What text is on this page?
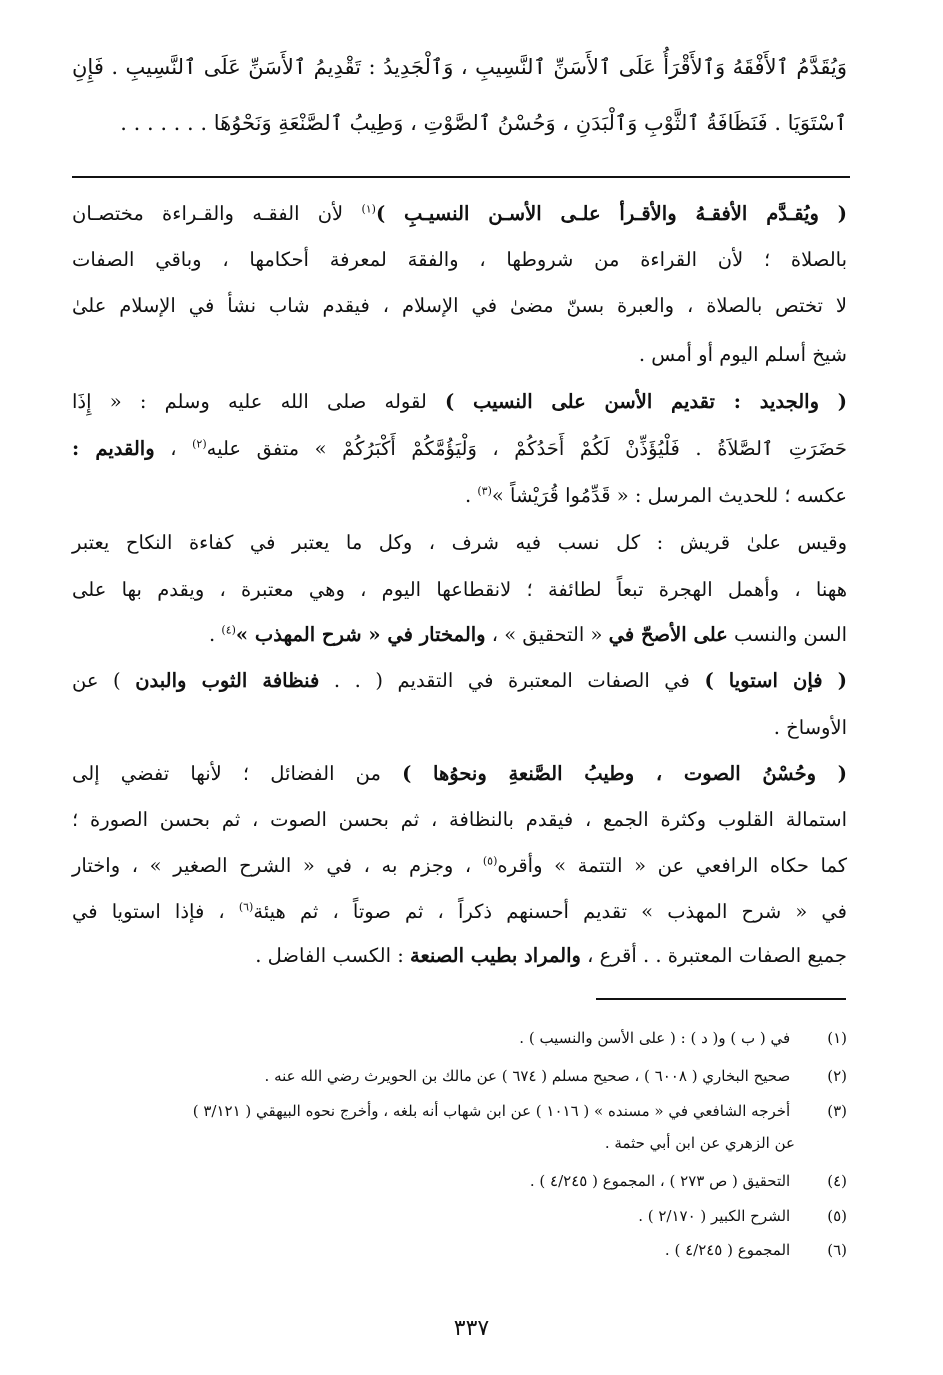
وَيُقَدَّمُ ٱلأَفْقَهُ وَٱلأَقْرَأُ عَلَى ٱلأَسَنِّ ٱلنَّسِيبِ ، وَٱلْجَدِيدُ : تَقْدِيمُ ٱلأَسَنِّ عَلَى ٱلنَّسِيبِ . فَإِنِ
ٱسْتَوَيَا . فَنَظَافَةُ ٱلثَّوْبِ وَٱلْبَدَنِ ، وَحُسْنُ ٱلصَّوْتِ ، وَطِيبُ ٱلصَّنْعَةِ وَنَحْوُهَا . . . . . . .
( ويُقـدَّم الأفقـهُ والأقـرأ علـى الأسـن النسيـبِ )$^{(١)}$ لأن الفقـه والقـراءة مختصـان
بالصلاة ؛ لأن القراءة من شروطها ، والفقهَ لمعرفة أحكامها ، وباقي الصفات
لا تختص بالصلاة ، والعبرة بسنّ مضىٰ في الإسلام ، فيقدم شاب نشأ في الإسلام علىٰ
شيخ أسلم اليوم أو أمس .
( والجديد : تقديم الأسن على النسيب ) لقوله صلى الله عليه وسلم : « إِذَا
حَضَرَتِ ٱلصَّلاَةُ . فَلْيُؤَذِّنْ لَكُمْ أَحَدُكُمْ ، وَلْيَؤُمَّكُمْ أَكْبَرُكُمْ » متفق عليه$^{(٢)}$ ، والقديم :
عكسه ؛ للحديث المرسل : « قَدِّمُوا قُرَيْشاً »$^{(٣)}$ .
وقيس علىٰ قريش : كل نسب فيه شرف ، وكل ما يعتبر في كفاءة النكاح يعتبر
ههنا ، وأهمل الهجرة تبعاً لطائفة ؛ لانقطاعها اليوم ، وهي معتبرة ، ويقدم بها على
السن والنسب على الأصحّ في « التحقيق » ، والمختار في « شرح المهذب »$^{(٤)}$ .
( فإن استويا ) في الصفات المعتبرة في التقديم ( . . فنظافة الثوب والبدن ) عن
الأوساخ .
( وحُسْنُ الصوت ، وطيبُ الصَّنعةِ ونحوُها ) من الفضائل ؛ لأنها تفضي إلى
استمالة القلوب وكثرة الجمع ، فيقدم بالنظافة ، ثم بحسن الصوت ، ثم بحسن الصورة ؛
كما حكاه الرافعي عن « التتمة » وأقره$^{(٥)}$ ، وجزم به ، في « الشرح الصغير » ، واختار
في « شرح المهذب » تقديم أحسنهم ذكراً ، ثم صوتاً ، ثم هيئة$^{(٦)}$ ، فإذا استويا في
جميع الصفات المعتبرة . . أقرع ، والمراد بطيب الصنعة : الكسب الفاضل .
(١) في ( ب ) و( د ) : ( على الأسن والنسيب ) .
(٢) صحيح البخاري ( ٦٠٠٨ ) ، صحيح مسلم ( ٦٧٤ ) عن مالك بن الحويرث رضي الله عنه .
(٣) أخرجه الشافعي في « مسنده » ( ١٠١٦ ) عن ابن شهاب أنه بلغه ، وأخرج نحوه البيهقي ( ٣/١٢١ )
عن الزهري عن ابن أبي حثمة .
(٤) التحقيق ( ص ٢٧٣ ) ، المجموع ( ٤/٢٤٥ ) .
(٥) الشرح الكبير ( ٢/١٧٠ ) .
(٦) المجموع ( ٤/٢٤٥ ) .
٣٣٧
